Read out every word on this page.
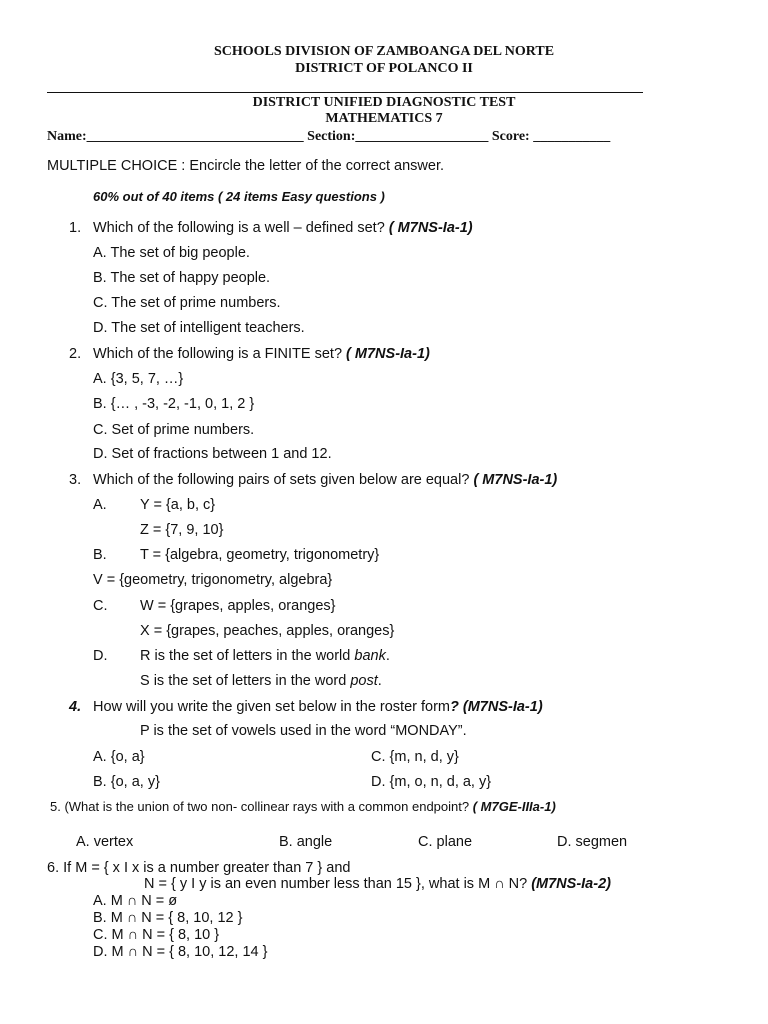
SCHOOLS DIVISION OF ZAMBOANGA DEL NORTE
DISTRICT OF POLANCO II
DISTRICT UNIFIED DIAGNOSTIC TEST
MATHEMATICS 7
Name:_______________________________ Section:___________________ Score: ___________
MULTIPLE CHOICE : Encircle the letter of the correct answer.
60% out of 40 items ( 24 items Easy questions )
1. Which of the following is a well – defined set? ( M7NS-Ia-1)
A. The set of big people.
B. The set of happy people.
C. The set of prime numbers.
D. The set of intelligent teachers.
2. Which of the following is a FINITE set? ( M7NS-Ia-1)
A. {3, 5, 7, …}
B. {… , -3, -2, -1, 0, 1, 2 }
C. Set of prime numbers.
D. Set of fractions between 1 and 12.
3. Which of the following pairs of sets given below are equal? ( M7NS-Ia-1)
A. Y = {a, b, c}
Z = {7, 9, 10}
B. T = {algebra, geometry, trigonometry}
V = {geometry, trigonometry, algebra}
C. W = {grapes, apples, oranges}
X = {grapes, peaches, apples, oranges}
D. R is the set of letters in the world bank.
S is the set of letters in the word post.
4. How will you write the given set below in the roster form? (M7NS-Ia-1)
P is the set of vowels used in the word “MONDAY”.
A. {o, a}	C. {m, n, d, y}
B. {o, a, y}	D. {m, o, n, d, a, y}
5. (What is the union of two non- collinear rays with a common endpoint? ( M7GE-IIIa-1)
A. vertex	B. angle	C. plane	D. segmen
6. If M = { x I x is a number greater than 7 } and
N = { y I y is an even number less than 15 }, what is M ∩ N? (M7NS-Ia-2)
A. M ∩ N = ø
B. M ∩ N = { 8, 10, 12 }
C. M ∩ N = { 8, 10 }
D. M ∩ N = { 8, 10, 12, 14 }
